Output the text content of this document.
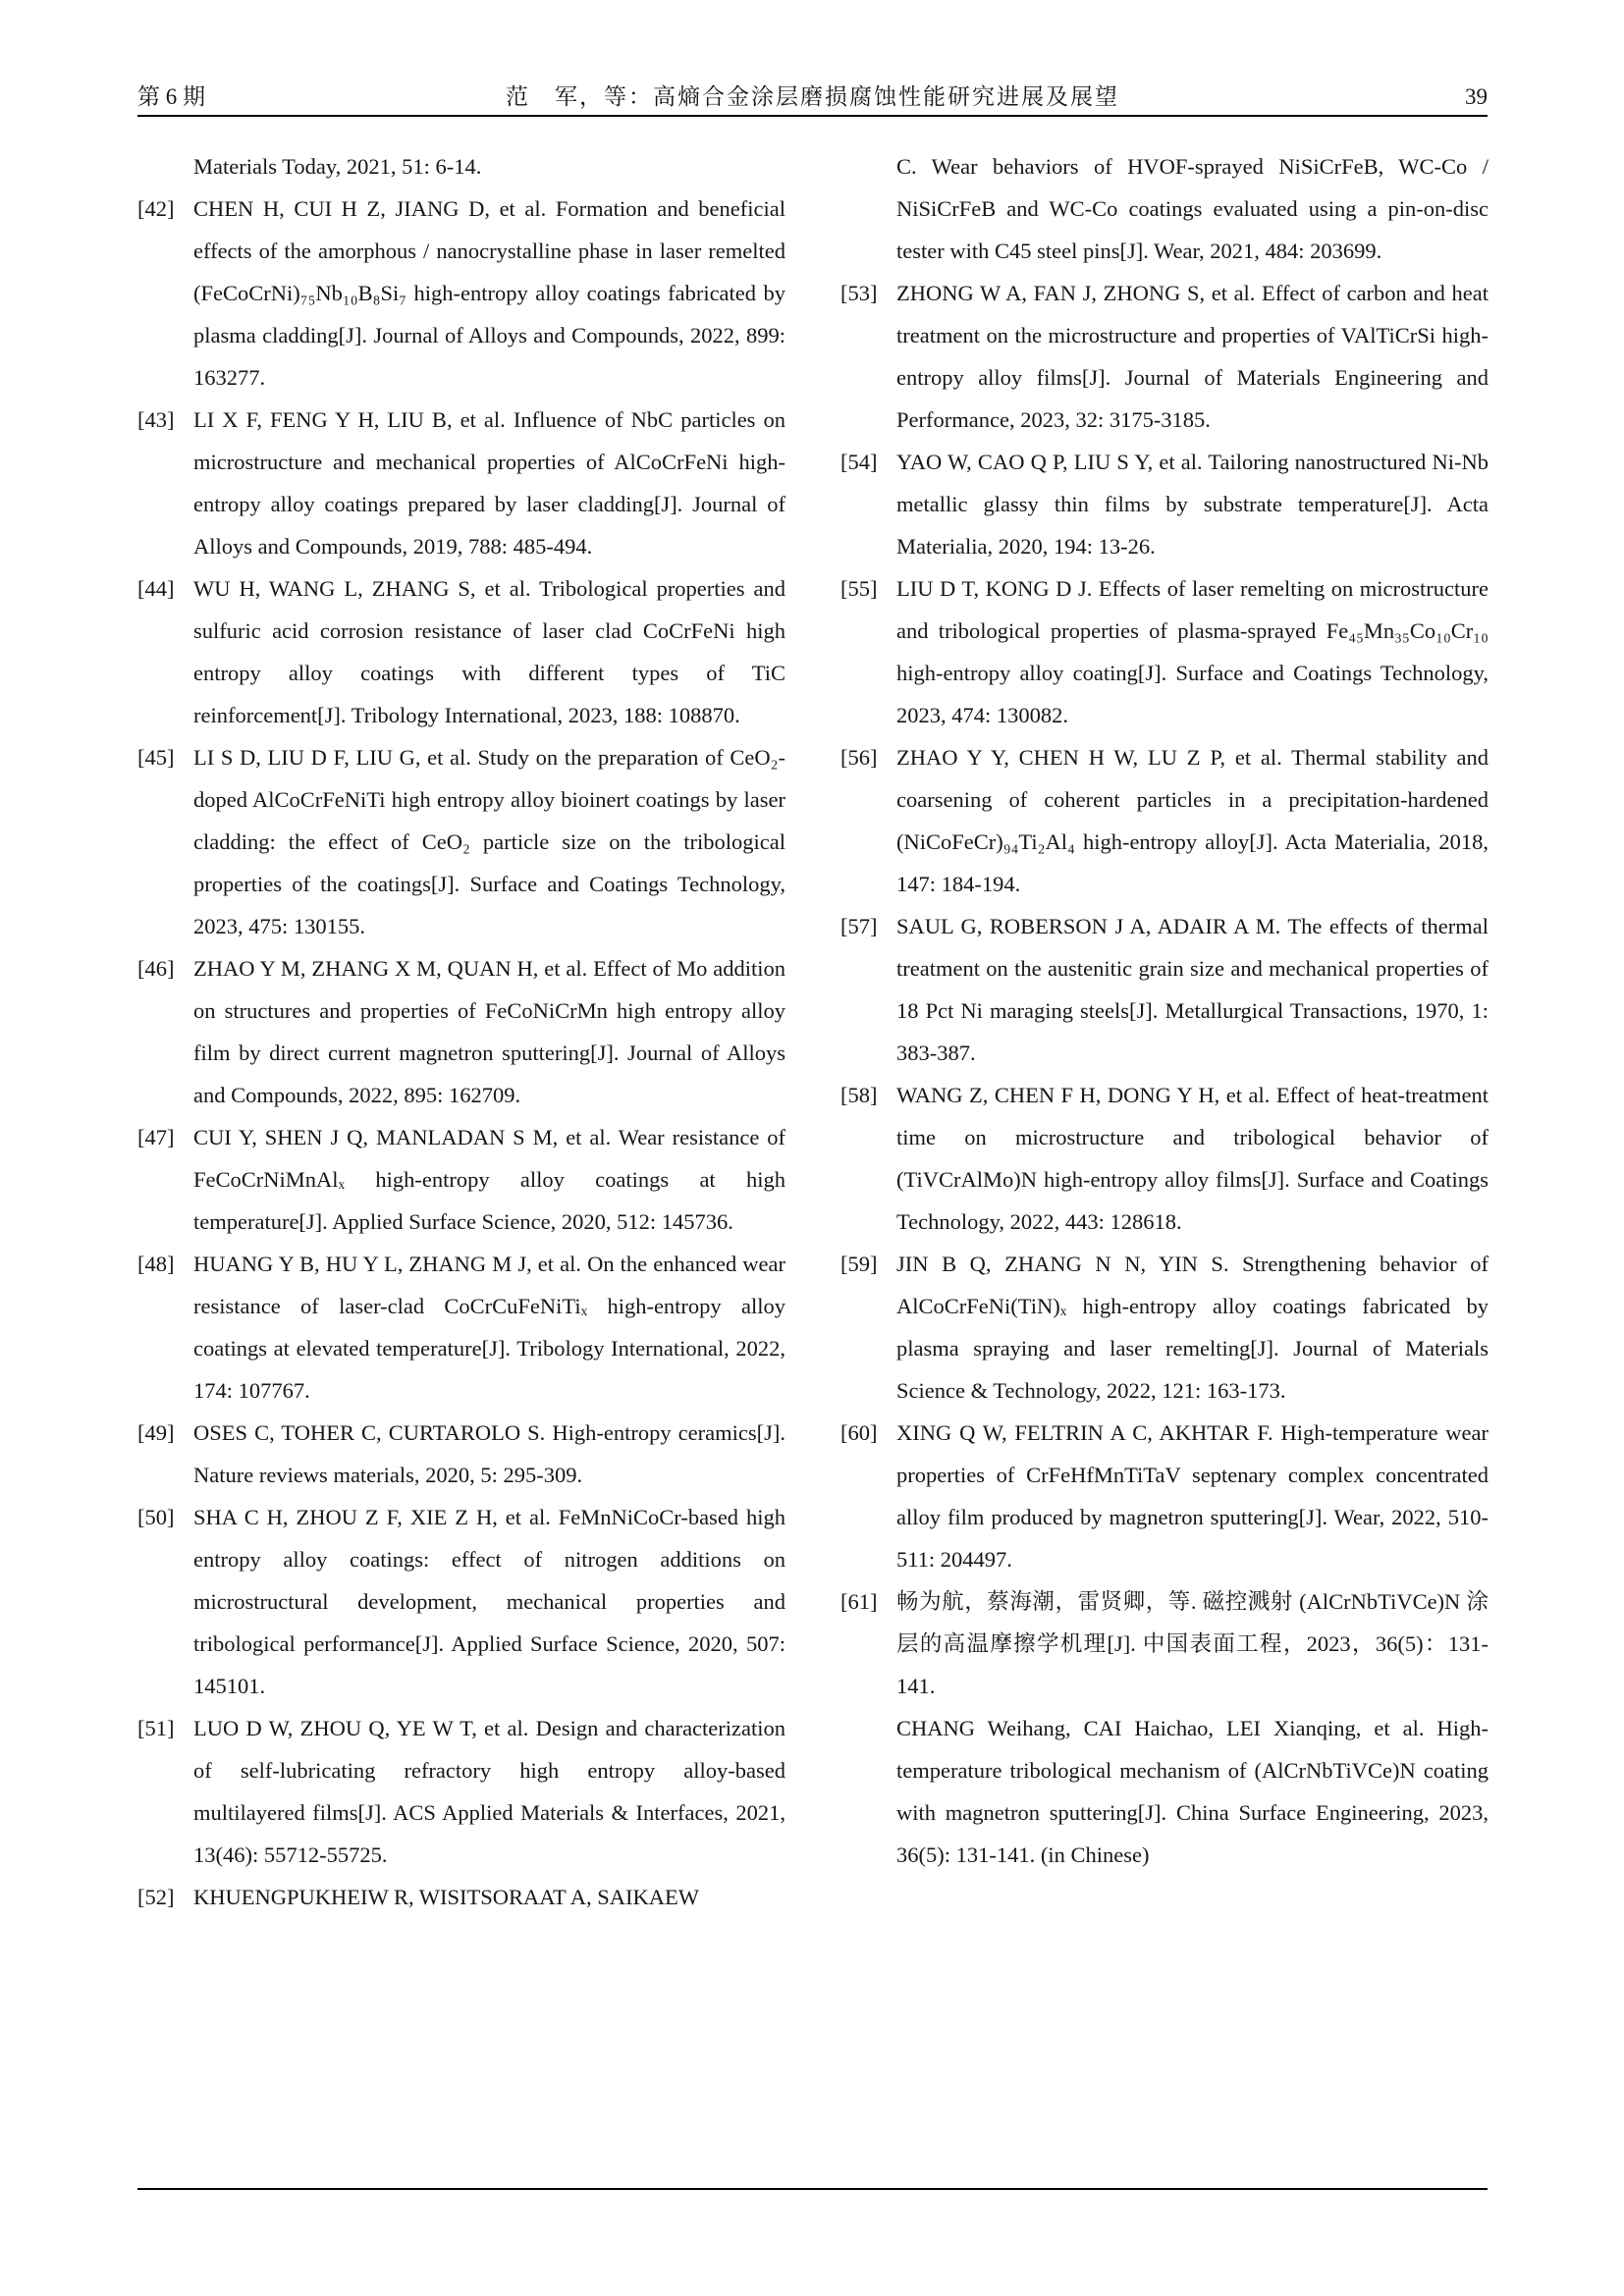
第 6 期	范　军，等：高熵合金涂层磨损腐蚀性能研究进展及展望	39
Materials Today, 2021, 51: 6-14.
[42] CHEN H, CUI H Z, JIANG D, et al. Formation and beneficial effects of the amorphous / nanocrystalline phase in laser remelted (FeCoCrNi)₇₅Nb₁₀B₈Si₇ high-entropy alloy coatings fabricated by plasma cladding[J]. Journal of Alloys and Compounds, 2022, 899: 163277.
[43] LI X F, FENG Y H, LIU B, et al. Influence of NbC particles on microstructure and mechanical properties of AlCoCrFeNi high-entropy alloy coatings prepared by laser cladding[J]. Journal of Alloys and Compounds, 2019, 788: 485-494.
[44] WU H, WANG L, ZHANG S, et al. Tribological properties and sulfuric acid corrosion resistance of laser clad CoCrFeNi high entropy alloy coatings with different types of TiC reinforcement[J]. Tribology International, 2023, 188: 108870.
[45] LI S D, LIU D F, LIU G, et al. Study on the preparation of CeO₂-doped AlCoCrFeNiTi high entropy alloy bioinert coatings by laser cladding: the effect of CeO₂ particle size on the tribological properties of the coatings[J]. Surface and Coatings Technology, 2023, 475: 130155.
[46] ZHAO Y M, ZHANG X M, QUAN H, et al. Effect of Mo addition on structures and properties of FeCoNiCrMn high entropy alloy film by direct current magnetron sputtering[J]. Journal of Alloys and Compounds, 2022, 895: 162709.
[47] CUI Y, SHEN J Q, MANLADAN S M, et al. Wear resistance of FeCoCrNiMnAlₓ high-entropy alloy coatings at high temperature[J]. Applied Surface Science, 2020, 512: 145736.
[48] HUANG Y B, HU Y L, ZHANG M J, et al. On the enhanced wear resistance of laser-clad CoCrCuFeNiTiₓ high-entropy alloy coatings at elevated temperature[J]. Tribology International, 2022, 174: 107767.
[49] OSES C, TOHER C, CURTAROLO S. High-entropy ceramics[J]. Nature reviews materials, 2020, 5: 295-309.
[50] SHA C H, ZHOU Z F, XIE Z H, et al. FeMnNiCoCr-based high entropy alloy coatings: effect of nitrogen additions on microstructural development, mechanical properties and tribological performance[J]. Applied Surface Science, 2020, 507: 145101.
[51] LUO D W, ZHOU Q, YE W T, et al. Design and characterization of self-lubricating refractory high entropy alloy-based multilayered films[J]. ACS Applied Materials & Interfaces, 2021, 13(46): 55712-55725.
[52] KHUENGPUKHEIW R, WISITSORAAT A, SAIKAEW
C. Wear behaviors of HVOF-sprayed NiSiCrFeB, WC-Co / NiSiCrFeB and WC-Co coatings evaluated using a pin-on-disc tester with C45 steel pins[J]. Wear, 2021, 484: 203699.
[53] ZHONG W A, FAN J, ZHONG S, et al. Effect of carbon and heat treatment on the microstructure and properties of VAlTiCrSi high-entropy alloy films[J]. Journal of Materials Engineering and Performance, 2023, 32: 3175-3185.
[54] YAO W, CAO Q P, LIU S Y, et al. Tailoring nanostructured Ni-Nb metallic glassy thin films by substrate temperature[J]. Acta Materialia, 2020, 194: 13-26.
[55] LIU D T, KONG D J. Effects of laser remelting on microstructure and tribological properties of plasma-sprayed Fe₄₅Mn₃₅Co₁₀Cr₁₀ high-entropy alloy coating[J]. Surface and Coatings Technology, 2023, 474: 130082.
[56] ZHAO Y Y, CHEN H W, LU Z P, et al. Thermal stability and coarsening of coherent particles in a precipitation-hardened (NiCoFeCr)₉₄Ti₂Al₄ high-entropy alloy[J]. Acta Materialia, 2018, 147: 184-194.
[57] SAUL G, ROBERSON J A, ADAIR A M. The effects of thermal treatment on the austenitic grain size and mechanical properties of 18 Pct Ni maraging steels[J]. Metallurgical Transactions, 1970, 1: 383-387.
[58] WANG Z, CHEN F H, DONG Y H, et al. Effect of heat-treatment time on microstructure and tribological behavior of (TiVCrAlMo)N high-entropy alloy films[J]. Surface and Coatings Technology, 2022, 443: 128618.
[59] JIN B Q, ZHANG N N, YIN S. Strengthening behavior of AlCoCrFeNi(TiN)ₓ high-entropy alloy coatings fabricated by plasma spraying and laser remelting[J]. Journal of Materials Science & Technology, 2022, 121: 163-173.
[60] XING Q W, FELTRIN A C, AKHTAR F. High-temperature wear properties of CrFeHfMnTiTaV septenary complex concentrated alloy film produced by magnetron sputtering[J]. Wear, 2022, 510-511: 204497.
[61] 畅为航，蔡海潮，雷贤卿，等. 磁控溅射 (AlCrNbTiVCe)N 涂层的高温摩擦学机理[J]. 中国表面工程，2023，36(5)：131-141.
CHANG Weihang, CAI Haichao, LEI Xianqing, et al. High-temperature tribological mechanism of (AlCrNbTiVCe)N coating with magnetron sputtering[J]. China Surface Engineering, 2023, 36(5): 131-141. (in Chinese)
